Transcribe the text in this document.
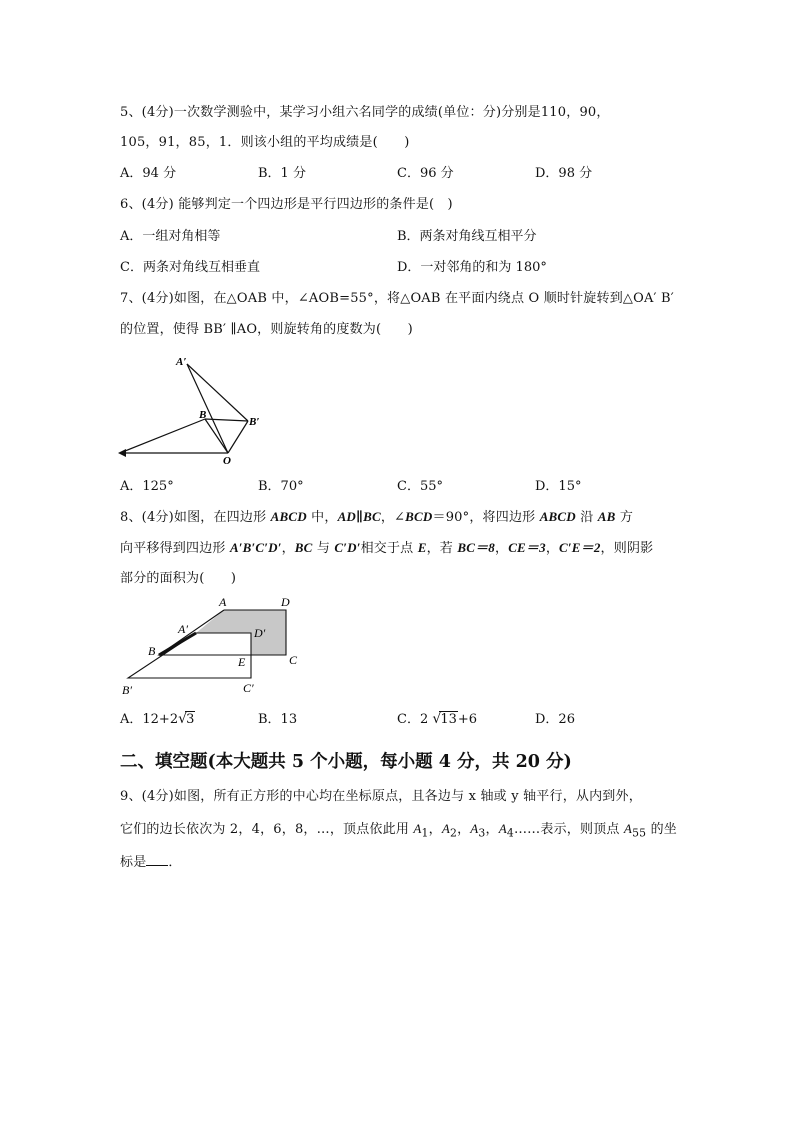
5、(4分)一次数学测验中，某学习小组六名同学的成绩(单位：分)分别是110，90，
105，91，85，1．则该小组的平均成绩是(　　)
A．94 分	B．1 分	C．96 分	D．98 分
6、(4分) 能够判定一个四边形是平行四边形的条件是(　)
A．一组对角相等	B．两条对角线互相平分
C．两条对角线互相垂直	D．一对邻角的和为 180°
7、(4分)如图，在△OAB 中，∠AOB=55°，将△OAB 在平面内绕点 O 顺时针旋转到△OA′ B′
的位置，使得 BB′ ∥AO，则旋转角的度数为(　　)
A′
B
B′
O
A．125°	B．70°	C．55°	D．15°
8、(4分)如图，在四边形 ABCD 中，AD∥BC，∠BCD＝90°，将四边形 ABCD 沿 AB 方
向平移得到四边形 A′B′C′D′，BC 与 C′D′相交于点 E，若 BC＝8，CE＝3，C′E＝2，则阴影
部分的面积为(　　)
A	D
A′	D′
B
E	C
B′	C′
A．12+2 √ 3	B．13	C．2 √ 13+6	D．26
二、填空题(本大题共 5 个小题，每小题 4 分，共 20 分)
9、(4分)如图，所有正方形的中心均在坐标原点，且各边与 x 轴或 y 轴平行，从内到外，
它们的边长依次为 2，4，6，8，…，顶点依此用 $A_1$，$A_2$，$A_3$，$A_4\dots\dots$表示，则顶点 $A_{55}$ 的坐
标是 ．
